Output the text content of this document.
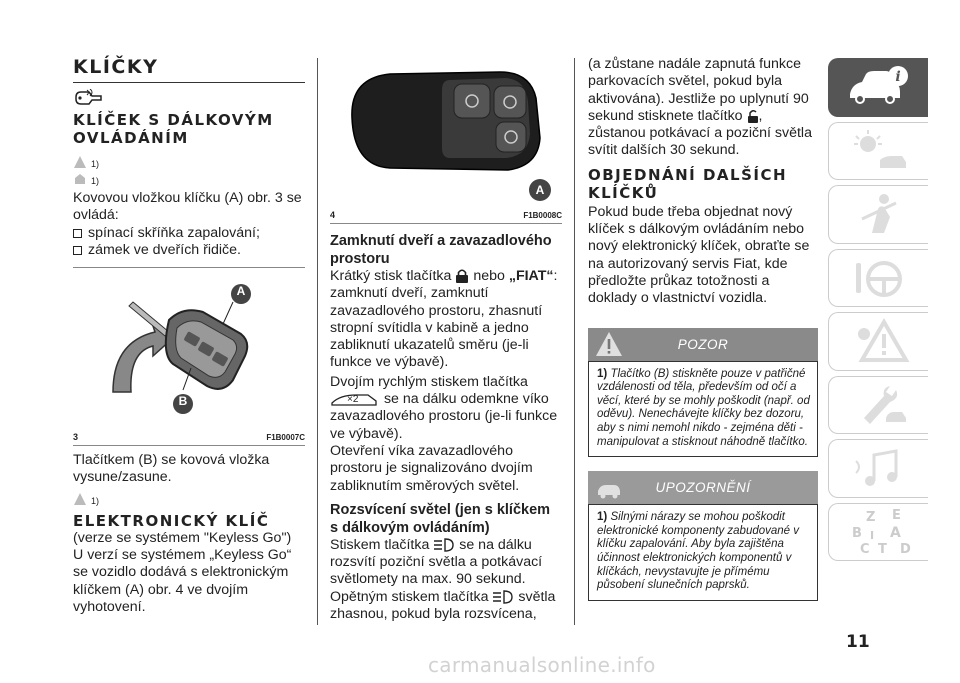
KLÍČKY
KLÍČEK S DÁLKOVÝM OVLÁDÁNÍM
1)
1)

Kovovou vložkou klíčku (A) obr. 3 se ovládá:

spínací skříňka zapalování;
zámek ve dveřích řidiče.
A
B
3	F1B0007C

Tlačítkem (B) se kovová vložka vysune/zasune.

1)
ELEKTRONICKÝ KLÍČ

(verze se systémem "Keyless Go")

U verzí se systémem „Keyless Go“ se vozidlo dodává s elektronickým klíčkem (A) obr. 4 ve dvojím vyhotovení.

A
4	F1B0008C
Zamknutí dveří a zavazadlového prostoru

Krátký stisk tlačítka nebo „FIAT“: zamknutí dveří, zamknutí zavazadlového prostoru, zhasnutí stropní svítidla v kabině a jedno zabliknutí ukazatelů směru (je-li funkce ve výbavě).

Dvojím rychlým stiskem tlačítka

×2 se na dálku odemkne víko zavazadlového prostoru (je-li funkce ve výbavě).

Otevření víka zavazadlového prostoru je signalizováno dvojím zabliknutím směrových světel.

Rozsvícení světel (jen s klíčkem s dálkovým ovládáním)

Stiskem tlačítka se na dálku rozsvítí poziční světla a potkávací světlomety na max. 90 sekund.

Opětným stiskem tlačítka světla zhasnou, pokud byla rozsvícena,

(a zůstane nadále zapnutá funkce parkovacích světel, pokud byla aktivována). Jestliže po uplynutí 90 sekund stisknete tlačítko , zůstanou potkávací a poziční světla svítit dalších 30 sekund.

OBJEDNÁNÍ DALŠÍCH KLÍČKŮ

Pokud bude třeba objednat nový klíček s dálkovým ovládáním nebo nový elektronický klíček, obraťte se na autorizovaný servis Fiat, kde předložte průkaz totožnosti a doklady o vlastnictví vozidla.

POZOR
1) Tlačítko (B) stiskněte pouze v patřičné vzdálenosti od těla, především od očí a věcí, které by se mohly poškodit (např. od oděvu). Nenechávejte klíčky bez dozoru, aby s nimi nemohl nikdo - zejména děti - manipulovat a stisknout náhodně tlačítko.
UPOZORNĚNÍ
1) Silnými nárazy se mohou poškodit elektronické komponenty zabudované v klíčku zapalování. Aby byla zajištěna účinnost elektronických komponentů v klíčkách, nevystavujte je přímému působení slunečních paprsků.
i
Z E
B A
I
C T D
11
carmanualsonline.info
